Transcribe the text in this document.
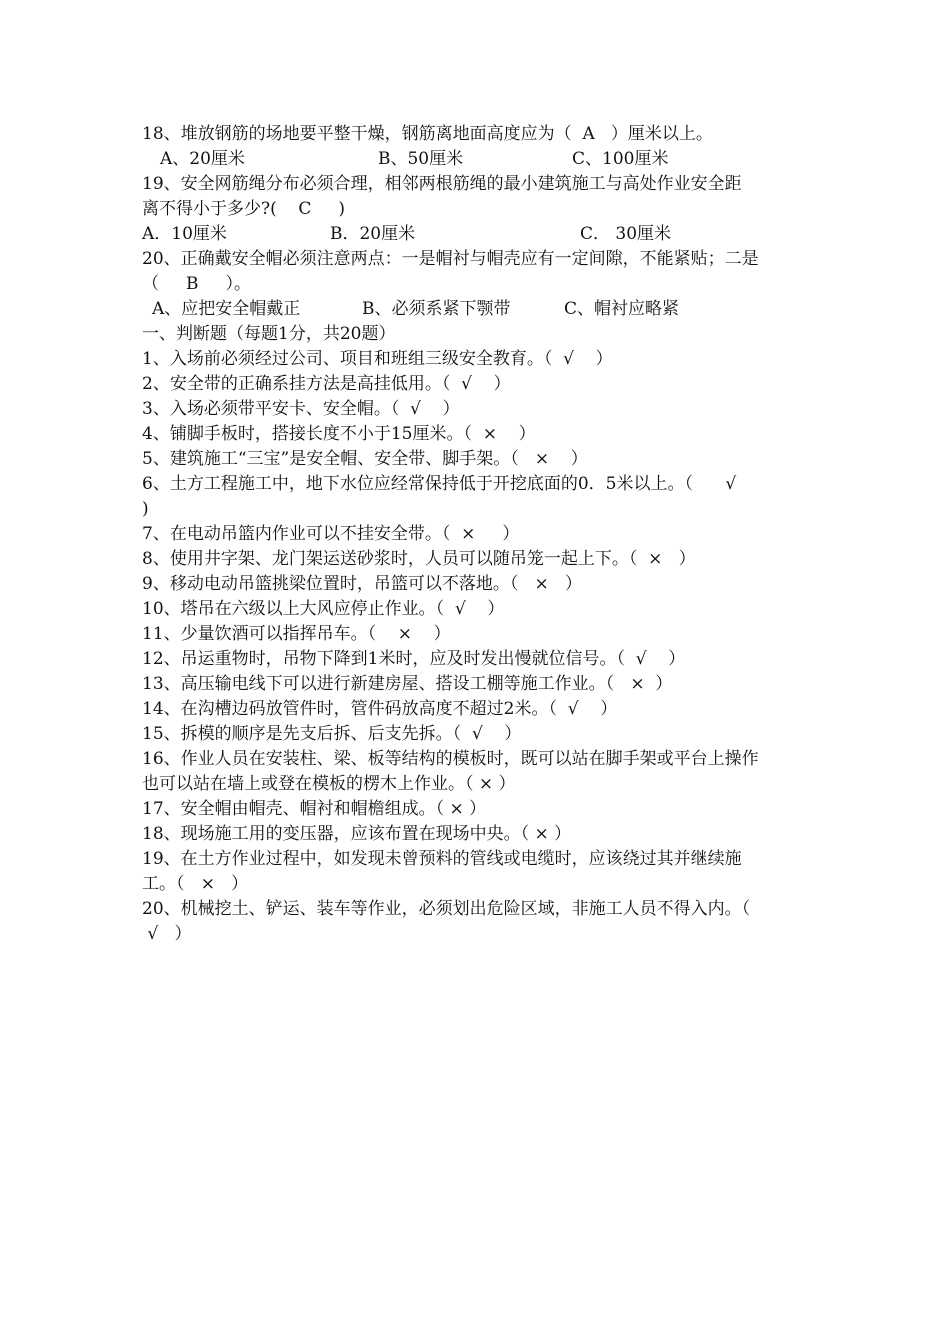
18、堆放钢筋的场地要平整干燥，钢筋离地面高度应为（  A   ）厘米以上。
A、20厘米	B、50厘米	C、100厘米
19、安全网筋绳分布必须合理，相邻两根筋绳的最小建筑施工与高处作业安全距
离不得小于多少?(    C     )
A．10厘米	B．20厘米	C． 30厘米
20、正确戴安全帽必须注意两点：一是帽衬与帽壳应有一定间隙，不能紧贴；二是
（     B     ）。
A、应把安全帽戴正	B、必须系紧下颚带	C、帽衬应略紧
一、判断题（每题1分，共20题）
1、入场前必须经过公司、项目和班组三级安全教育。（  √    ）
2、安全带的正确系挂方法是高挂低用。（  √    ）
3、入场必须带平安卡、安全帽。（  √    ）
4、铺脚手板时，搭接长度不小于15厘米。（  ×    ）
5、建筑施工“三宝”是安全帽、安全带、脚手架。（   ×    ）
6、土方工程施工中，地下水位应经常保持低于开挖底面的0．5米以上。（      √
)
7、在电动吊篮内作业可以不挂安全带。（  ×     ）
8、使用井字架、龙门架运送砂浆时，人员可以随吊笼一起上下。（  ×   ）
9、移动电动吊篮挑梁位置时，吊篮可以不落地。（   ×   ）
10、塔吊在六级以上大风应停止作业。（  √    ）
11、少量饮酒可以指挥吊车。（    ×    ）
12、吊运重物时，吊物下降到1米时，应及时发出慢就位信号。（  √    ）
13、高压输电线下可以进行新建房屋、搭设工棚等施工作业。（   ×  ）
14、在沟槽边码放管件时，管件码放高度不超过2米。（  √    ）
15、拆模的顺序是先支后拆、后支先拆。（  √    ）
16、作业人员在安装柱、梁、板等结构的模板时，既可以站在脚手架或平台上操作
也可以站在墙上或登在模板的楞木上作业。（ × ）
17、安全帽由帽壳、帽衬和帽檐组成。（ × ）
18、现场施工用的变压器，应该布置在现场中央。（ × ）
19、在土方作业过程中，如发现未曾预料的管线或电缆时，应该绕过其并继续施
工。（   ×   ）
20、机械挖土、铲运、装车等作业，必须划出危险区域，非施工人员不得入内。（
√   ）
